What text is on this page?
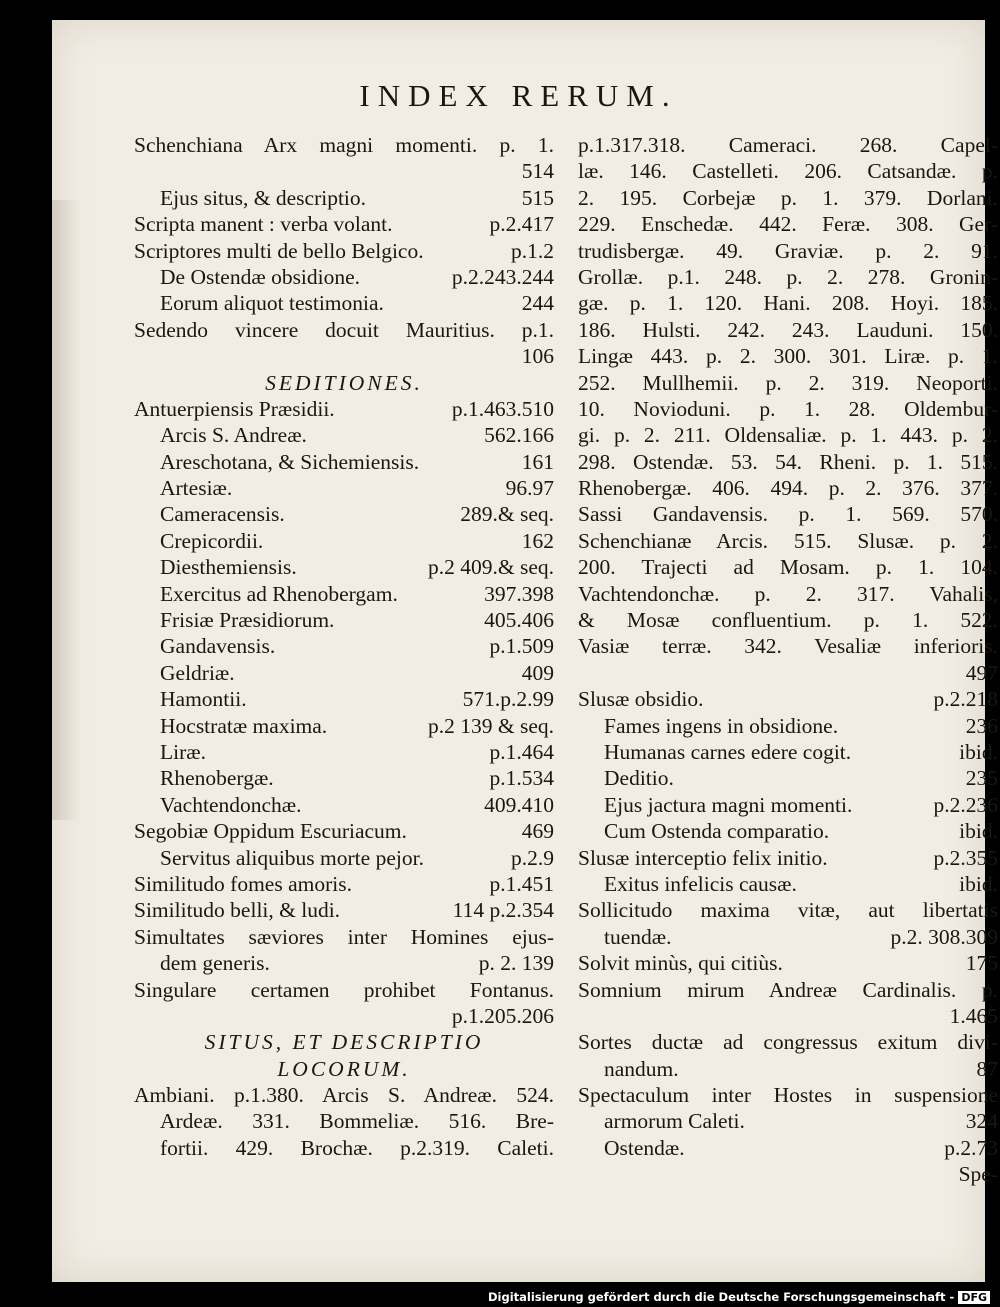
INDEX RERUM.
Schenchiana Arx magni momenti. p. 1.
514
Ejus situs, & descriptio.	515
Scripta manent : verba volant.	p.2.417
Scriptores multi de bello Belgico.	p.1.2
De Ostendæ obsidione.	p.2.243.244
Eorum aliquot testimonia.	244
Sedendo vincere docuit Mauritius. p.1.
106
SEDITIONES.
Antuerpiensis Præsidii.	p.1.463.510
Arcis S. Andreæ.	562.166
Areschotana, & Sichemiensis.	161
Artesiæ.	96.97
Cameracensis.	289.& seq.
Crepicordii.	162
Diesthemiensis.	p.2 409.& seq.
Exercitus ad Rhenobergam.	397.398
Frisiæ Præsidiorum.	405.406
Gandavensis.	p.1.509
Geldriæ.	409
Hamontii.	571.p.2.99
Hocstratæ maxima.	p.2 139 & seq.
Liræ.	p.1.464
Rhenobergæ.	p.1.534
Vachtendonchæ.	409.410
Segobiæ Oppidum Escuriacum.	469
Servitus aliquibus morte pejor.	p.2.9
Similitudo fomes amoris.	p.1.451
Similitudo belli, & ludi.	114 p.2.354
Simultates sæviores inter Homines ejus-
dem generis.	p. 2. 139
Singulare certamen prohibet Fontanus.
p.1.205.206
SITUS, ET DESCRIPTIO
LOCORUM.
Ambiani. p.1.380. Arcis S. Andreæ. 524.
Ardeæ. 331. Bommeliæ. 516. Bre-
fortii. 429. Brochæ. p.2.319. Caleti.
p.1.317.318. Cameraci. 268. Capel-
læ. 146. Castelleti. 206. Catsandæ. p.
2. 195. Corbejæ p. 1. 379. Dorlani.
229. Enschedæ. 442. Feræ. 308. Ger-
trudisbergæ. 49. Graviæ. p. 2. 91.
Grollæ. p.1. 248. p. 2. 278. Gronin-
gæ. p. 1. 120. Hani. 208. Hoyi. 185.
186. Hulsti. 242. 243. Lauduni. 150.
Lingæ 443. p. 2. 300. 301. Liræ. p. 1.
252. Mullhemii. p. 2. 319. Neoporti.
10. Novioduni. p. 1. 28. Oldembur-
gi. p. 2. 211. Oldensaliæ. p. 1. 443. p. 2.
298. Ostendæ. 53. 54. Rheni. p. 1. 515.
Rhenobergæ. 406. 494. p. 2. 376. 377.
Sassi Gandavensis. p. 1. 569. 570.
Schenchianæ Arcis. 515. Slusæ. p. 2.
200. Trajecti ad Mosam. p. 1. 104.
Vachtendonchæ. p. 2. 317. Vahalis,
& Mosæ confluentium. p. 1. 522.
Vasiæ terræ. 342. Vesaliæ inferioris.
497
Slusæ obsidio.	p.2.218
Fames ingens in obsidione.	236
Humanas carnes edere cogit.	ibid.
Deditio.	235
Ejus jactura magni momenti.	p.2.236
Cum Ostenda comparatio.	ibid.
Slusæ interceptio felix initio.	p.2.355
Exitus infelicis causæ.	ibid.
Sollicitudo maxima vitæ, aut libertatis
tuendæ.	p.2. 308.309
Solvit minùs, qui citiùs.	175
Somnium mirum Andreæ Cardinalis. p.
1.465
Sortes ductæ ad congressus exitum divi-
nandum.	87
Spectaculum inter Hostes in suspensione
armorum Caleti.	324
Ostendæ.	p.2.73
Spe-
Digitalisierung gefördert durch die Deutsche Forschungsgemeinschaft - DFG
